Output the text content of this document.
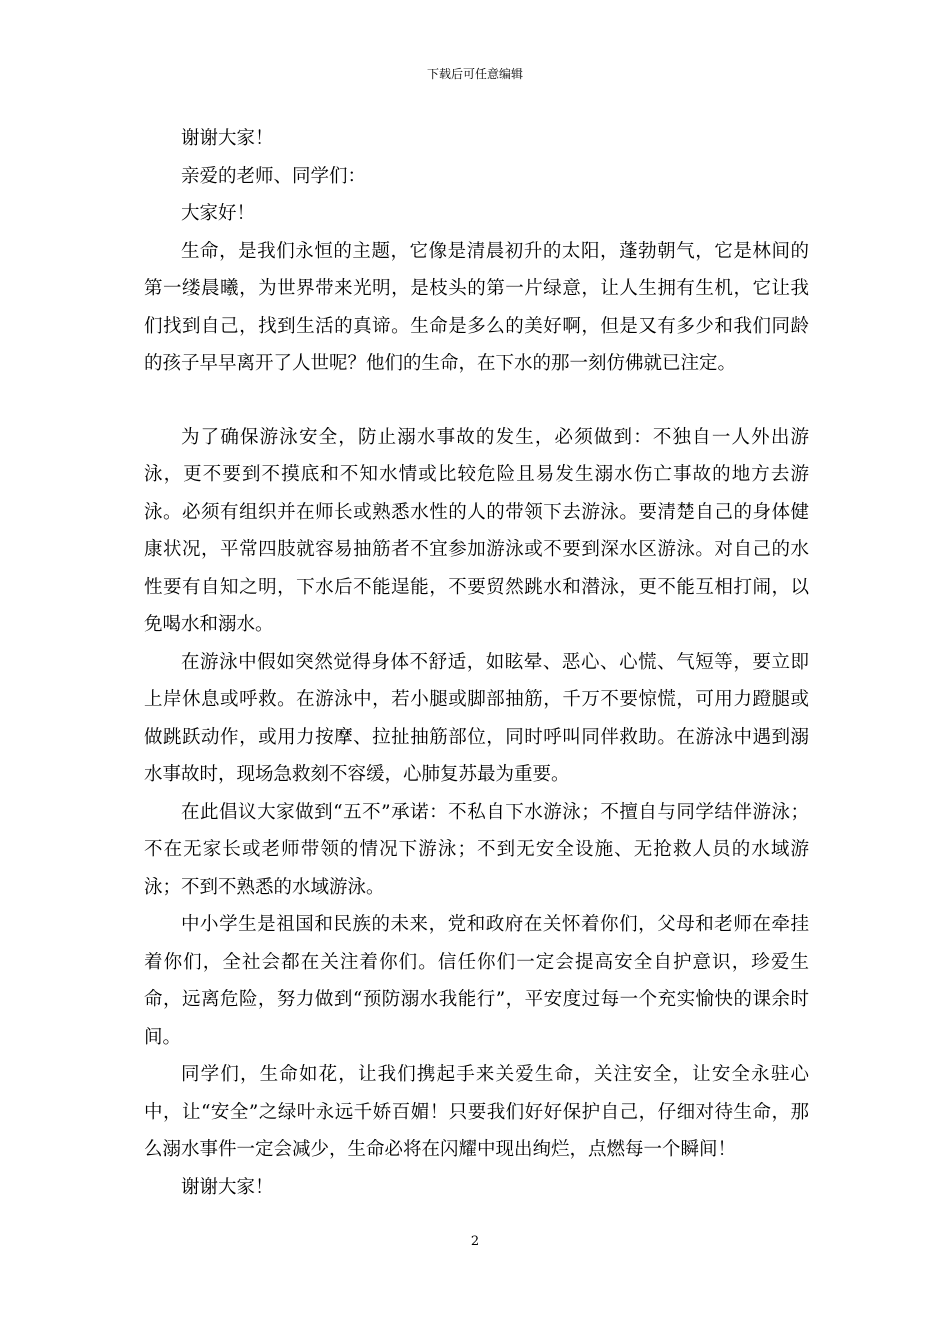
下载后可任意编辑

谢谢大家！

亲爱的老师、同学们：

大家好！

生命，是我们永恒的主题，它像是清晨初升的太阳，蓬勃朝气，它是林间的第一缕晨曦，为世界带来光明，是枝头的第一片绿意，让人生拥有生机，它让我们找到自己，找到生活的真谛。生命是多么的美好啊，但是又有多少和我们同龄的孩子早早离开了人世呢？他们的生命，在下水的那一刻仿佛就已注定。

为了确保游泳安全，防止溺水事故的发生，必须做到：不独自一人外出游泳，更不要到不摸底和不知水情或比较危险且易发生溺水伤亡事故的地方去游泳。必须有组织并在师长或熟悉水性的人的带领下去游泳。要清楚自己的身体健康状况，平常四肢就容易抽筋者不宜参加游泳或不要到深水区游泳。对自己的水性要有自知之明，下水后不能逞能，不要贸然跳水和潜泳，更不能互相打闹，以免喝水和溺水。

在游泳中假如突然觉得身体不舒适，如眩晕、恶心、心慌、气短等，要立即上岸休息或呼救。在游泳中，若小腿或脚部抽筋，千万不要惊慌，可用力蹬腿或做跳跃动作，或用力按摩、拉扯抽筋部位，同时呼叫同伴救助。在游泳中遇到溺水事故时，现场急救刻不容缓，心肺复苏最为重要。

在此倡议大家做到“五不”承诺：不私自下水游泳；不擅自与同学结伴游泳；不在无家长或老师带领的情况下游泳；不到无安全设施、无抢救人员的水域游泳；不到不熟悉的水域游泳。

中小学生是祖国和民族的未来，党和政府在关怀着你们，父母和老师在牵挂着你们，全社会都在关注着你们。信任你们一定会提高安全自护意识，珍爱生命，远离危险，努力做到“预防溺水我能行”，平安度过每一个充实愉快的课余时间。

同学们，生命如花，让我们携起手来关爱生命，关注安全，让安全永驻心中，让“安全”之绿叶永远千娇百媚！只要我们好好保护自己，仔细对待生命，那么溺水事件一定会减少，生命必将在闪耀中现出绚烂，点燃每一个瞬间！

谢谢大家！

2
